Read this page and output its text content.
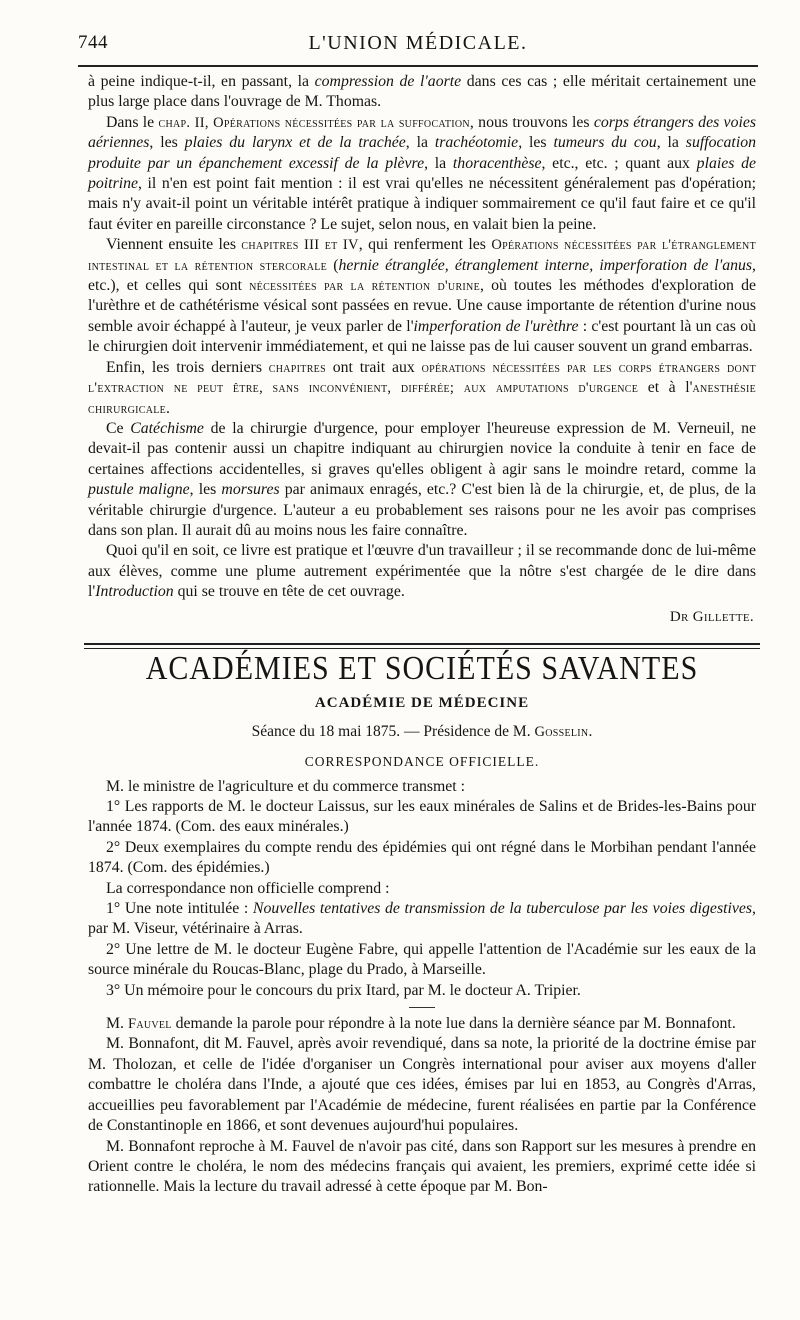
744	L'UNION MÉDICALE.

à peine indique-t-il, en passant, la compression de l'aorte dans ces cas ; elle méritait certainement une plus large place dans l'ouvrage de M. Thomas.

Dans le chap. II, Opérations nécessitées par la suffocation, nous trouvons les corps étrangers des voies aériennes, les plaies du larynx et de la trachée, la trachéotomie, les tumeurs du cou, la suffocation produite par un épanchement excessif de la plèvre, la thoracenthèse, etc., etc. ; quant aux plaies de poitrine, il n'en est point fait mention : il est vrai qu'elles ne nécessitent généralement pas d'opération; mais n'y avait-il point un véritable intérêt pratique à indiquer sommairement ce qu'il faut faire et ce qu'il faut éviter en pareille circonstance ? Le sujet, selon nous, en valait bien la peine.

Viennent ensuite les chapitres III et IV, qui renferment les Opérations nécessitées par l'étranglement intestinal et la rétention stercorale (hernie étranglée, étranglement interne, imperforation de l'anus, etc.), et celles qui sont nécessitées par la rétention d'urine, où toutes les méthodes d'exploration de l'urèthre et de cathétérisme vésical sont passées en revue. Une cause importante de rétention d'urine nous semble avoir échappé à l'auteur, je veux parler de l'imperforation de l'urèthre : c'est pourtant là un cas où le chirurgien doit intervenir immédiatement, et qui ne laisse pas de lui causer souvent un grand embarras.

Enfin, les trois derniers chapitres ont trait aux opérations nécessitées par les corps étrangers dont l'extraction ne peut être, sans inconvénient, différée; aux amputations d'urgence et à l'anesthésie chirurgicale.

Ce Catéchisme de la chirurgie d'urgence, pour employer l'heureuse expression de M. Verneuil, ne devait-il pas contenir aussi un chapitre indiquant au chirurgien novice la conduite à tenir en face de certaines affections accidentelles, si graves qu'elles obligent à agir sans le moindre retard, comme la pustule maligne, les morsures par animaux enragés, etc.? C'est bien là de la chirurgie, et, de plus, de la véritable chirurgie d'urgence. L'auteur a eu probablement ses raisons pour ne les avoir pas comprises dans son plan. Il aurait dû au moins nous les faire connaître.

Quoi qu'il en soit, ce livre est pratique et l'œuvre d'un travailleur ; il se recommande donc de lui-même aux élèves, comme une plume autrement expérimentée que la nôtre s'est chargée de le dire dans l'Introduction qui se trouve en tête de cet ouvrage.

Dr Gillette.
ACADÉMIES ET SOCIÉTÉS SAVANTES
ACADÉMIE DE MÉDECINE
Séance du 18 mai 1875. — Présidence de M. Gosselin.
CORRESPONDANCE OFFICIELLE.

M. le ministre de l'agriculture et du commerce transmet :

1° Les rapports de M. le docteur Laissus, sur les eaux minérales de Salins et de Brides-les-Bains pour l'année 1874. (Com. des eaux minérales.)

2° Deux exemplaires du compte rendu des épidémies qui ont régné dans le Morbihan pendant l'année 1874. (Com. des épidémies.)

La correspondance non officielle comprend :

1° Une note intitulée : Nouvelles tentatives de transmission de la tuberculose par les voies digestives, par M. Viseur, vétérinaire à Arras.

2° Une lettre de M. le docteur Eugène Fabre, qui appelle l'attention de l'Académie sur les eaux de la source minérale du Roucas-Blanc, plage du Prado, à Marseille.

3° Un mémoire pour le concours du prix Itard, par M. le docteur A. Tripier.

M. Fauvel demande la parole pour répondre à la note lue dans la dernière séance par M. Bonnafont.

M. Bonnafont, dit M. Fauvel, après avoir revendiqué, dans sa note, la priorité de la doctrine émise par M. Tholozan, et celle de l'idée d'organiser un Congrès international pour aviser aux moyens d'aller combattre le choléra dans l'Inde, a ajouté que ces idées, émises par lui en 1853, au Congrès d'Arras, accueillies peu favorablement par l'Académie de médecine, furent réalisées en partie par la Conférence de Constantinople en 1866, et sont devenues aujourd'hui populaires.

M. Bonnafont reproche à M. Fauvel de n'avoir pas cité, dans son Rapport sur les mesures à prendre en Orient contre le choléra, le nom des médecins français qui avaient, les premiers, exprimé cette idée si rationnelle. Mais la lecture du travail adressé à cette époque par M. Bon-
